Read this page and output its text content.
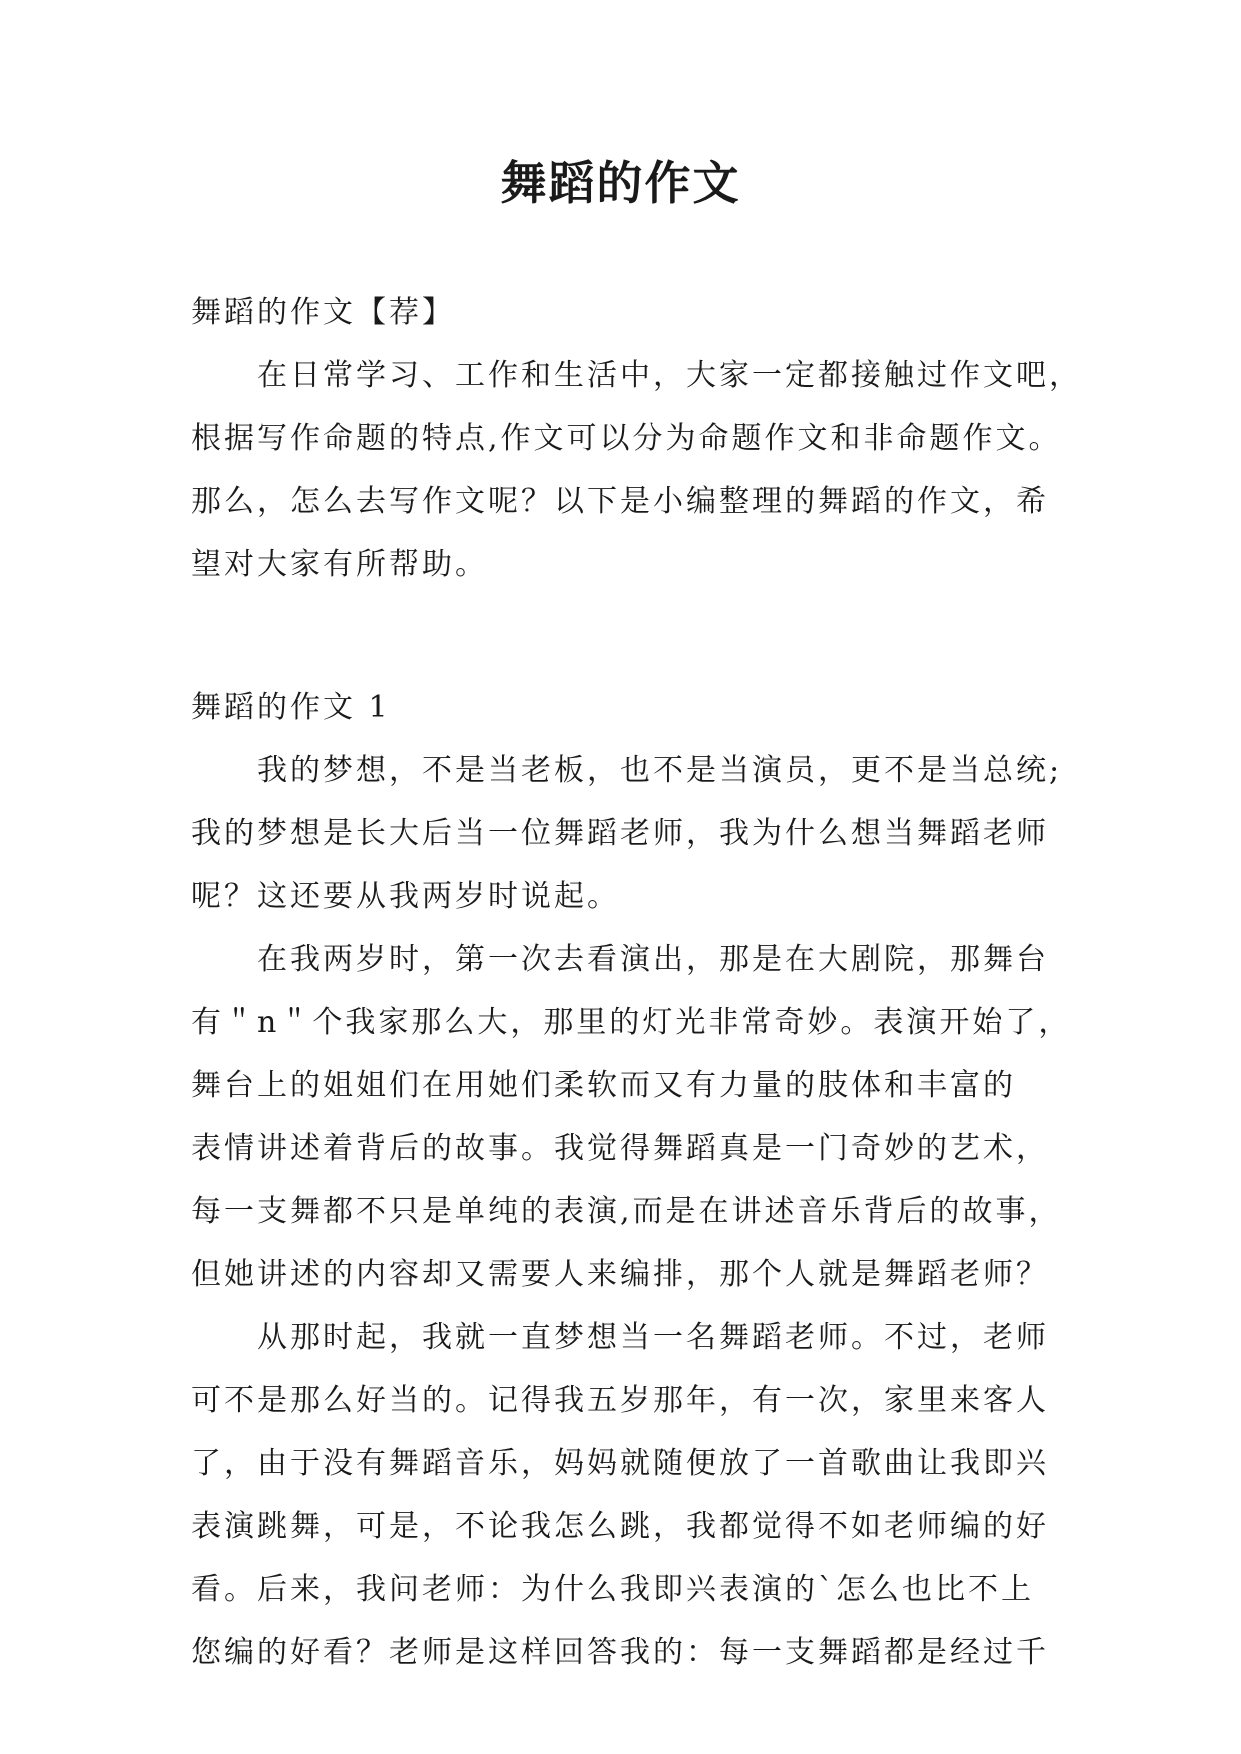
舞蹈的作文
舞蹈的作文【荐】
在日常学习、工作和生活中，大家一定都接触过作文吧，
根据写作命题的特点,作文可以分为命题作文和非命题作文。
那么，怎么去写作文呢？以下是小编整理的舞蹈的作文，希
望对大家有所帮助。
舞蹈的作文 1
我的梦想，不是当老板，也不是当演员，更不是当总统;
我的梦想是长大后当一位舞蹈老师，我为什么想当舞蹈老师
呢？这还要从我两岁时说起。
在我两岁时，第一次去看演出，那是在大剧院，那舞台
有＂n＂个我家那么大，那里的灯光非常奇妙。表演开始了，
舞台上的姐姐们在用她们柔软而又有力量的肢体和丰富的
表情讲述着背后的故事。我觉得舞蹈真是一门奇妙的艺术，
每一支舞都不只是单纯的表演,而是在讲述音乐背后的故事，
但她讲述的内容却又需要人来编排，那个人就是舞蹈老师？
从那时起，我就一直梦想当一名舞蹈老师。不过，老师
可不是那么好当的。记得我五岁那年，有一次，家里来客人
了，由于没有舞蹈音乐，妈妈就随便放了一首歌曲让我即兴
表演跳舞，可是，不论我怎么跳，我都觉得不如老师编的好
看。后来，我问老师：为什么我即兴表演的`怎么也比不上
您编的好看？老师是这样回答我的：每一支舞蹈都是经过千
